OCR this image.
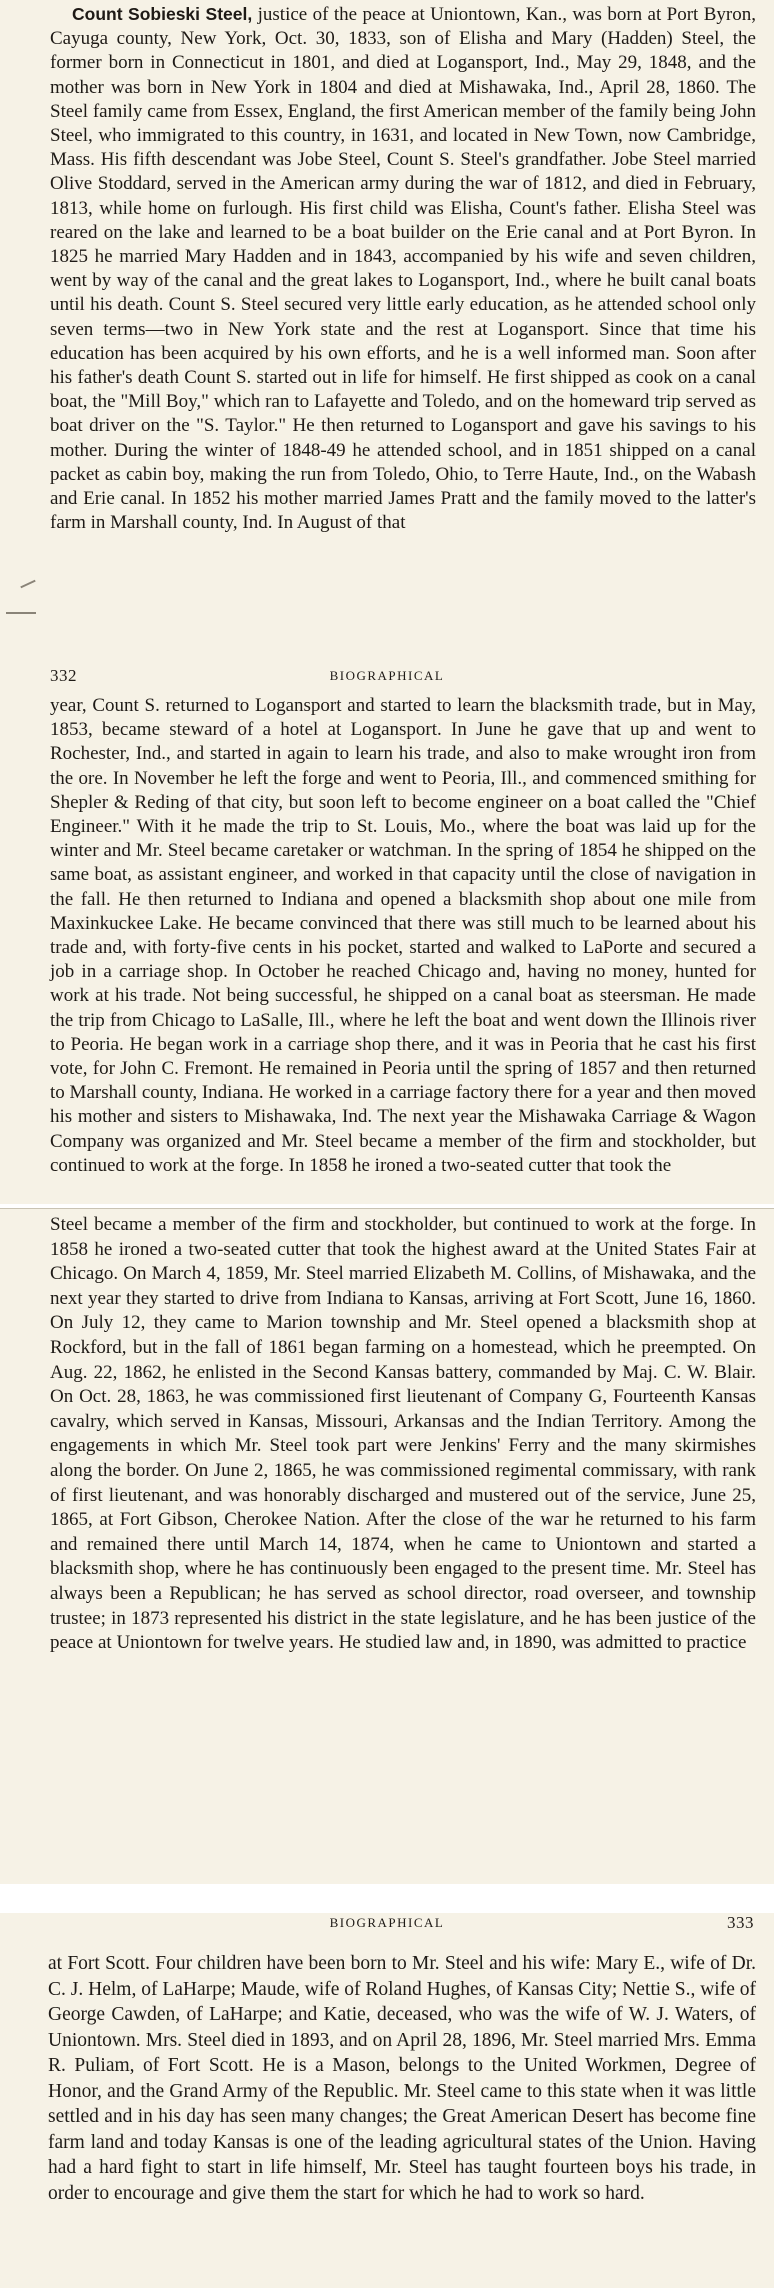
Count Sobieski Steel, justice of the peace at Uniontown, Kan., was born at Port Byron, Cayuga county, New York, Oct. 30, 1833, son of Elisha and Mary (Hadden) Steel, the former born in Connecticut in 1801, and died at Logansport, Ind., May 29, 1848, and the mother was born in New York in 1804 and died at Mishawaka, Ind., April 28, 1860. The Steel family came from Essex, England, the first American member of the family being John Steel, who immigrated to this country, in 1631, and located in New Town, now Cambridge, Mass. His fifth descendant was Jobe Steel, Count S. Steel's grandfather. Jobe Steel married Olive Stoddard, served in the American army during the war of 1812, and died in February, 1813, while home on furlough. His first child was Elisha, Count's father. Elisha Steel was reared on the lake and learned to be a boat builder on the Erie canal and at Port Byron. In 1825 he married Mary Hadden and in 1843, accompanied by his wife and seven children, went by way of the canal and the great lakes to Logansport, Ind., where he built canal boats until his death. Count S. Steel secured very little early education, as he attended school only seven terms—two in New York state and the rest at Logansport. Since that time his education has been acquired by his own efforts, and he is a well informed man. Soon after his father's death Count S. started out in life for himself. He first shipped as cook on a canal boat, the "Mill Boy," which ran to Lafayette and Toledo, and on the homeward trip served as boat driver on the "S. Taylor." He then returned to Logansport and gave his savings to his mother. During the winter of 1848-49 he attended school, and in 1851 shipped on a canal packet as cabin boy, making the run from Toledo, Ohio, to Terre Haute, Ind., on the Wabash and Erie canal. In 1852 his mother married James Pratt and the family moved to the latter's farm in Marshall county, Ind. In August of that

332	BIOGRAPHICAL

year, Count S. returned to Logansport and started to learn the blacksmith trade, but in May, 1853, became steward of a hotel at Logansport. In June he gave that up and went to Rochester, Ind., and started in again to learn his trade, and also to make wrought iron from the ore. In November he left the forge and went to Peoria, Ill., and commenced smithing for Shepler & Reding of that city, but soon left to become engineer on a boat called the "Chief Engineer." With it he made the trip to St. Louis, Mo., where the boat was laid up for the winter and Mr. Steel became caretaker or watchman. In the spring of 1854 he shipped on the same boat, as assistant engineer, and worked in that capacity until the close of navigation in the fall. He then returned to Indiana and opened a blacksmith shop about one mile from Maxinkuckee Lake. He became convinced that there was still much to be learned about his trade and, with forty-five cents in his pocket, started and walked to LaPorte and secured a job in a carriage shop. In October he reached Chicago and, having no money, hunted for work at his trade. Not being successful, he shipped on a canal boat as steersman. He made the trip from Chicago to LaSalle, Ill., where he left the boat and went down the Illinois river to Peoria. He began work in a carriage shop there, and it was in Peoria that he cast his first vote, for John C. Fremont. He remained in Peoria until the spring of 1857 and then returned to Marshall county, Indiana. He worked in a carriage factory there for a year and then moved his mother and sisters to Mishawaka, Ind. The next year the Mishawaka Carriage & Wagon Company was organized and Mr. Steel became a member of the firm and stockholder, but continued to work at the forge. In 1858 he ironed a two-seated cutter that took the

Steel became a member of the firm and stockholder, but continued to work at the forge. In 1858 he ironed a two-seated cutter that took the highest award at the United States Fair at Chicago. On March 4, 1859, Mr. Steel married Elizabeth M. Collins, of Mishawaka, and the next year they started to drive from Indiana to Kansas, arriving at Fort Scott, June 16, 1860. On July 12, they came to Marion township and Mr. Steel opened a blacksmith shop at Rockford, but in the fall of 1861 began farming on a homestead, which he preempted. On Aug. 22, 1862, he enlisted in the Second Kansas battery, commanded by Maj. C. W. Blair. On Oct. 28, 1863, he was commissioned first lieutenant of Company G, Fourteenth Kansas cavalry, which served in Kansas, Missouri, Arkansas and the Indian Territory. Among the engagements in which Mr. Steel took part were Jenkins' Ferry and the many skirmishes along the border. On June 2, 1865, he was commissioned regimental commissary, with rank of first lieutenant, and was honorably discharged and mustered out of the service, June 25, 1865, at Fort Gibson, Cherokee Nation. After the close of the war he returned to his farm and remained there until March 14, 1874, when he came to Uniontown and started a blacksmith shop, where he has continuously been engaged to the present time. Mr. Steel has always been a Republican; he has served as school director, road overseer, and township trustee; in 1873 represented his district in the state legislature, and he has been justice of the peace at Uniontown for twelve years. He studied law and, in 1890, was admitted to practice

BIOGRAPHICAL	333

at Fort Scott. Four children have been born to Mr. Steel and his wife: Mary E., wife of Dr. C. J. Helm, of LaHarpe; Maude, wife of Roland Hughes, of Kansas City; Nettie S., wife of George Cawden, of LaHarpe; and Katie, deceased, who was the wife of W. J. Waters, of Uniontown. Mrs. Steel died in 1893, and on April 28, 1896, Mr. Steel married Mrs. Emma R. Puliam, of Fort Scott. He is a Mason, belongs to the United Workmen, Degree of Honor, and the Grand Army of the Republic. Mr. Steel came to this state when it was little settled and in his day has seen many changes; the Great American Desert has become fine farm land and today Kansas is one of the leading agricultural states of the Union. Having had a hard fight to start in life himself, Mr. Steel has taught fourteen boys his trade, in order to encourage and give them the start for which he had to work so hard.
